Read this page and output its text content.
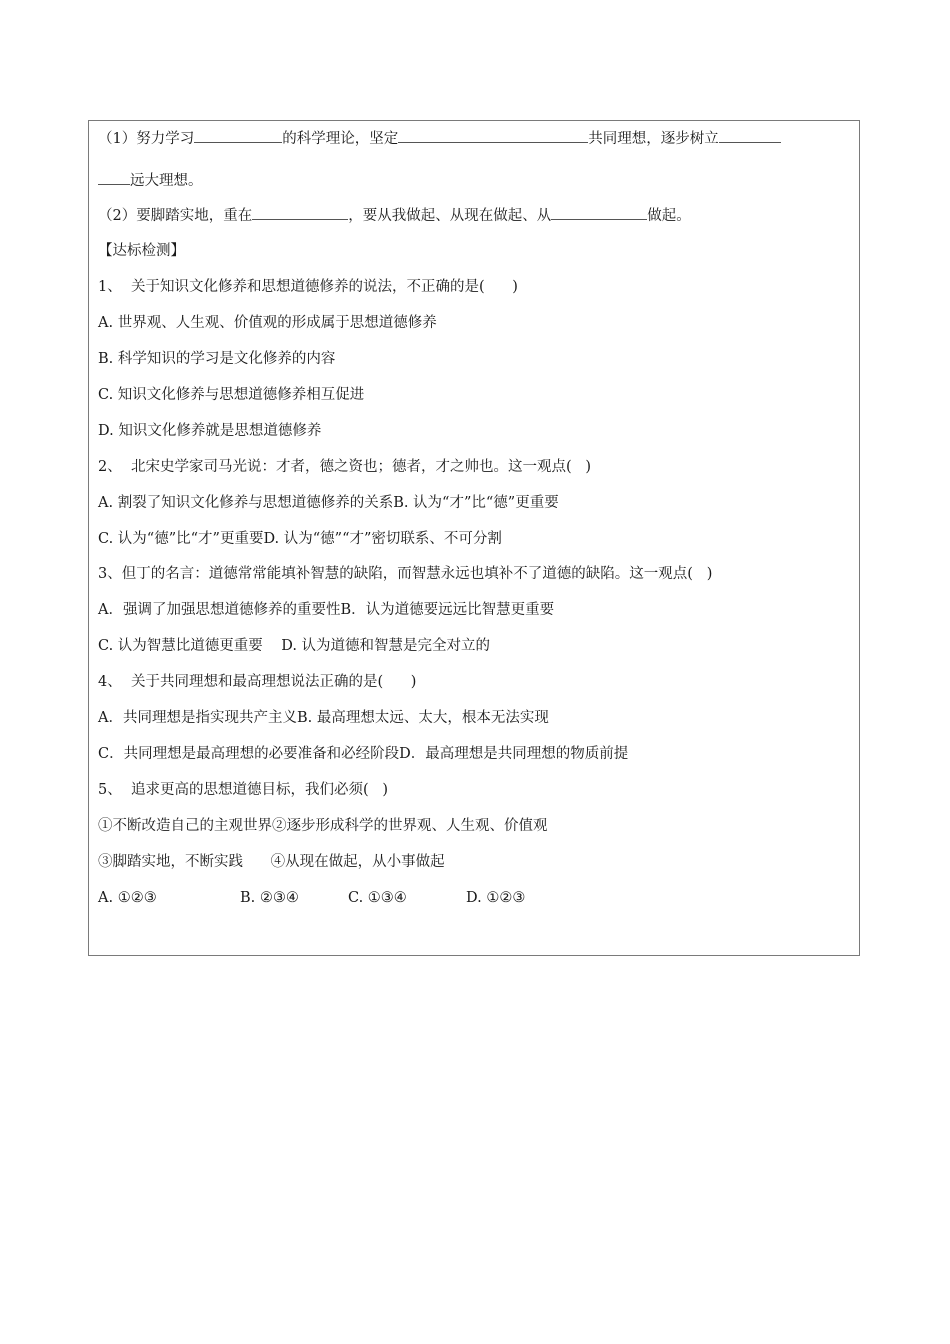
（1）努力学习	的科学理论，坚定	共同理想，逐步树立
远大理想。
（2）要脚踏实地，重在	，要从我做起、从现在做起、从	做起。
【达标检测】
1、  关于知识文化修养和思想道德修养的说法，不正确的是(      )
A. 世界观、人生观、价值观的形成属于思想道德修养
B. 科学知识的学习是文化修养的内容
C. 知识文化修养与思想道德修养相互促进
D. 知识文化修养就是思想道德修养
2、  北宋史学家司马光说：才者，德之资也；德者，才之帅也。这一观点(   )
A. 割裂了知识文化修养与思想道德修养的关系B. 认为“才”比“德”更重要
C. 认为“德”比“才”更重要D. 认为“德”“才”密切联系、不可分割
3、但丁的名言：道德常常能填补智慧的缺陷，而智慧永远也填补不了道德的缺陷。这一观点(   )
A．强调了加强思想道德修养的重要性B．认为道德要远远比智慧更重要
C. 认为智慧比道德更重要    D. 认为道德和智慧是完全对立的
4、  关于共同理想和最高理想说法正确的是(      )
A．共同理想是指实现共产主义B. 最高理想太远、太大，根本无法实现
C．共同理想是最高理想的必要准备和必经阶段D．最高理想是共同理想的物质前提
5、  追求更高的思想道德目标，我们必须(   )
①不断改造自己的主观世界②逐步形成科学的世界观、人生观、价值观
③脚踏实地，不断实践      ④从现在做起，从小事做起
A. ①②③	B. ②③④	C. ①③④	D. ①②③
